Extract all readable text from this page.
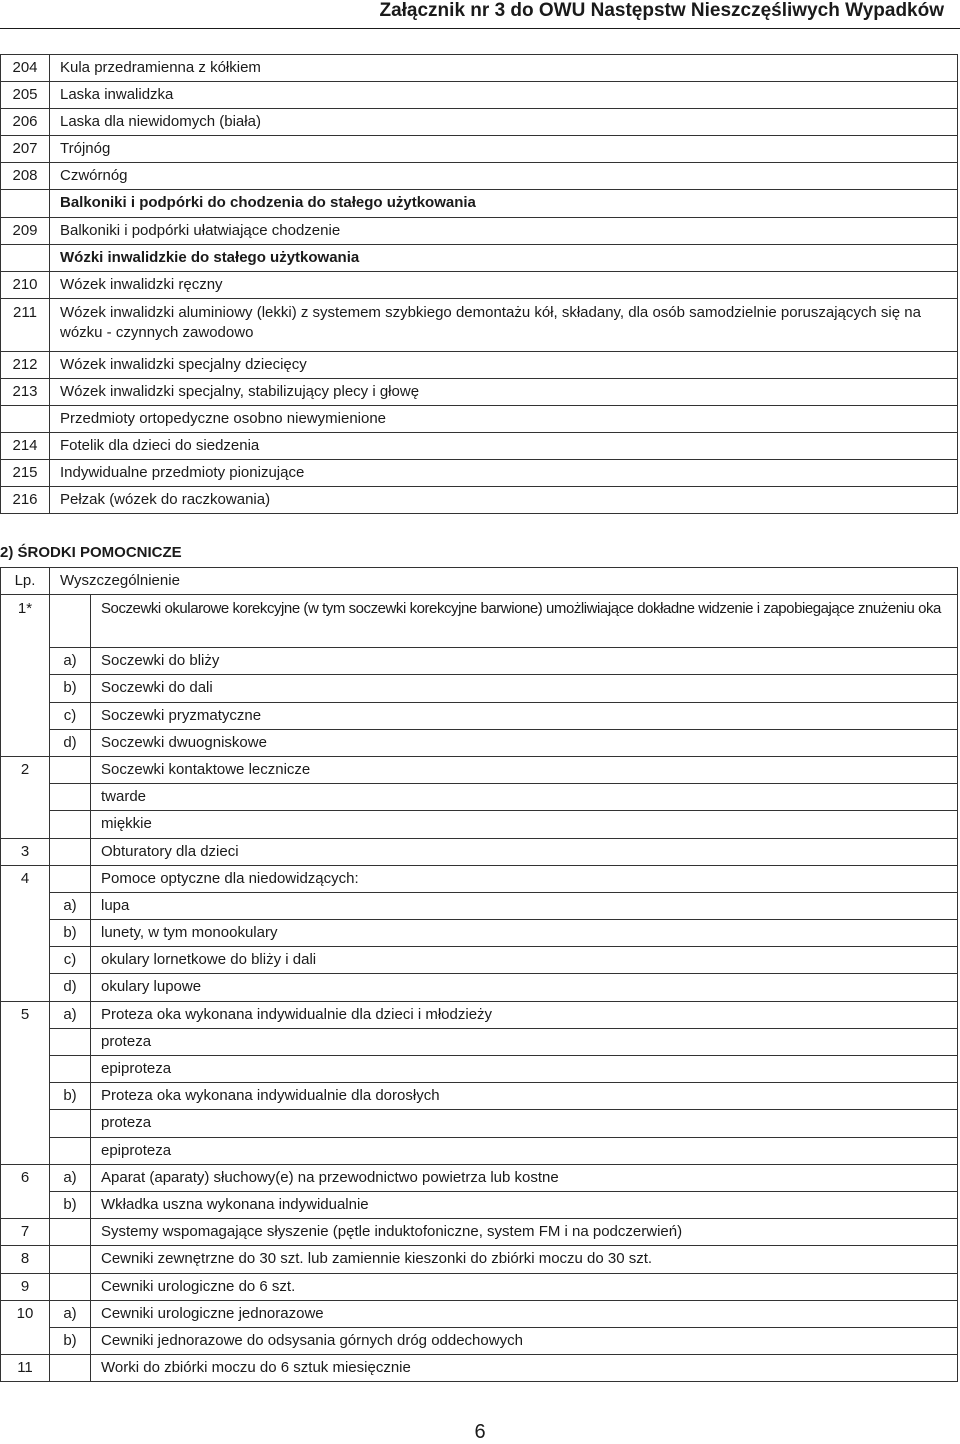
Załącznik nr 3 do OWU Następstw Nieszczęśliwych Wypadków
204	Kula przedramienna z kółkiem
205	Laska inwalidzka
206	Laska dla niewidomych (biała)
207	Trójnóg
208	Czwórnóg
	Balkoniki i podpórki do chodzenia do stałego użytkowania
209	Balkoniki i podpórki ułatwiające chodzenie
	Wózki inwalidzkie do stałego użytkowania
210	Wózek inwalidzki ręczny
211	Wózek inwalidzki aluminiowy (lekki) z systemem szybkiego demontażu kół, składany, dla osób samodzielnie poruszających się na wózku - czynnych zawodowo
212	Wózek inwalidzki specjalny dziecięcy
213	Wózek inwalidzki specjalny, stabilizujący plecy i głowę
	Przedmioty ortopedyczne osobno niewymienione
214	Fotelik dla dzieci do siedzenia
215	Indywidualne przedmioty pionizujące
216	Pełzak (wózek do raczkowania)
2) ŚRODKI POMOCNICZE
Lp.	Wyszczególnienie	
1*		Soczewki okularowe korekcyjne (w tym soczewki korekcyjne barwione) umożliwiające dokładne widzenie i zapobiegające znużeniu oka
	a)	Soczewki do bliży
	b)	Soczewki do dali
	c)	Soczewki pryzmatyczne
	d)	Soczewki dwuogniskowe
2		Soczewki kontaktowe lecznicze
		twarde
		miękkie
3		Obturatory dla dzieci
4		Pomoce optyczne dla niedowidzących:
	a)	lupa
	b)	lunety, w tym monookulary
	c)	okulary lornetkowe do bliży i dali
	d)	okulary lupowe
5	a)	Proteza oka wykonana indywidualnie dla dzieci i młodzieży
		proteza
		epiproteza
	b)	Proteza oka wykonana indywidualnie dla dorosłych
		proteza
		epiproteza
6	a)	Aparat (aparaty) słuchowy(e) na przewodnictwo powietrza lub kostne
	b)	Wkładka uszna wykonana indywidualnie
7		Systemy wspomagające słyszenie (pętle induktofoniczne, system FM i na podczerwień)
8		Cewniki zewnętrzne do 30 szt. lub zamiennie kieszonki do zbiórki moczu do 30 szt.
9		Cewniki urologiczne do 6 szt.
10	a)	Cewniki urologiczne jednorazowe
	b)	Cewniki jednorazowe do odsysania górnych dróg oddechowych
11		Worki do zbiórki moczu do 6 sztuk miesięcznie
6
